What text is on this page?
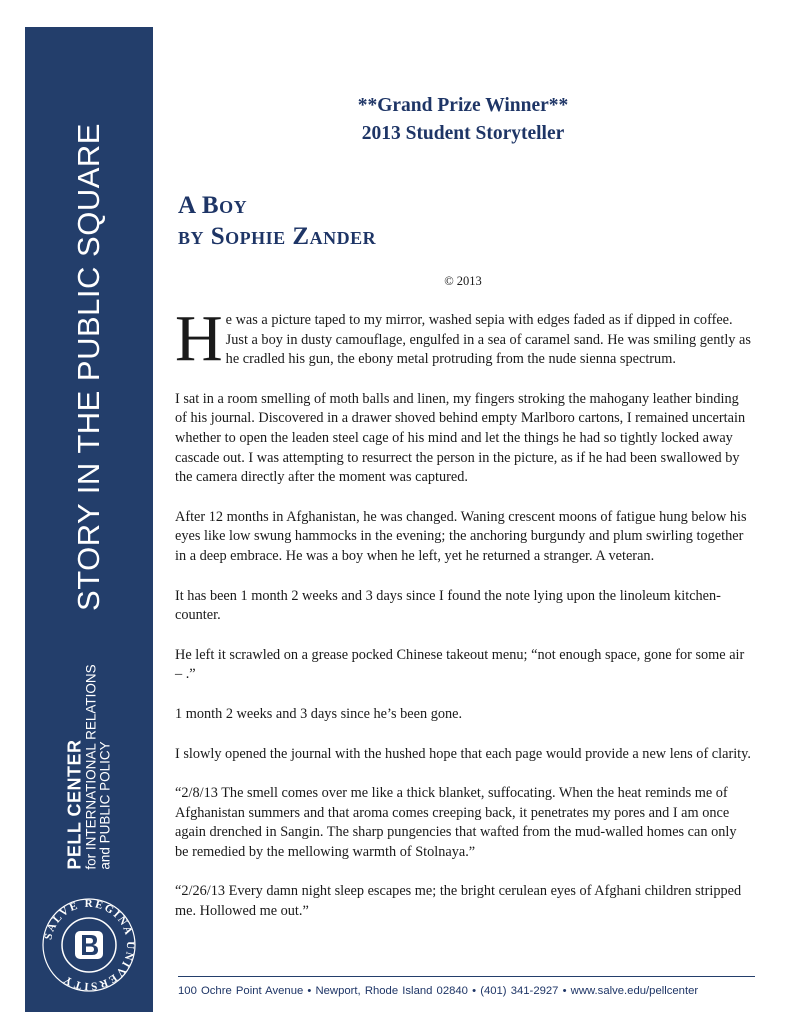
STORY IN THE PUBLIC SQUARE
PELL CENTER
for INTERNATIONAL RELATIONS and PUBLIC POLICY
SALVE REGINA UNIVERSITY
**Grand Prize Winner**
2013 Student Storyteller
A Boy
by Sophie Zander
© 2013

He was a picture taped to my mirror, washed sepia with edges faded as if dipped in coffee. Just a boy in dusty camouflage, engulfed in a sea of caramel sand. He was smiling gently as he cradled his gun, the ebony metal protruding from the nude sienna spectrum.

I sat in a room smelling of moth balls and linen, my fingers stroking the mahogany leather binding of his journal. Discovered in a drawer shoved behind empty Marlboro cartons, I remained uncertain whether to open the leaden steel cage of his mind and let the things he had so tightly locked away cascade out. I was attempting to resurrect the person in the picture, as if he had been swallowed by the camera directly after the moment was captured.

After 12 months in Afghanistan, he was changed. Waning crescent moons of fatigue hung below his eyes like low swung hammocks in the evening; the anchoring burgundy and plum swirling together in a deep embrace. He was a boy when he left, yet he returned a stranger. A veteran.

It has been 1 month 2 weeks and 3 days since I found the note lying upon the linoleum kitchen-counter.

He left it scrawled on a grease pocked Chinese takeout menu; “not enough space, gone for some air – .”

1 month 2 weeks and 3 days since he’s been gone.

I slowly opened the journal with the hushed hope that each page would provide a new lens of clarity.

“2/8/13 The smell comes over me like a thick blanket, suffocating. When the heat reminds me of Afghanistan summers and that aroma comes creeping back, it penetrates my pores and I am once again drenched in Sangin. The sharp pungencies that wafted from the mud-walled homes can only be remedied by the mellowing warmth of Stolnaya.”

“2/26/13 Every damn night sleep escapes me; the bright cerulean eyes of Afghani children stripped me. Hollowed me out.”

100 Ochre Point Avenue • Newport, Rhode Island 02840 • (401) 341-2927 • www.salve.edu/pellcenter
